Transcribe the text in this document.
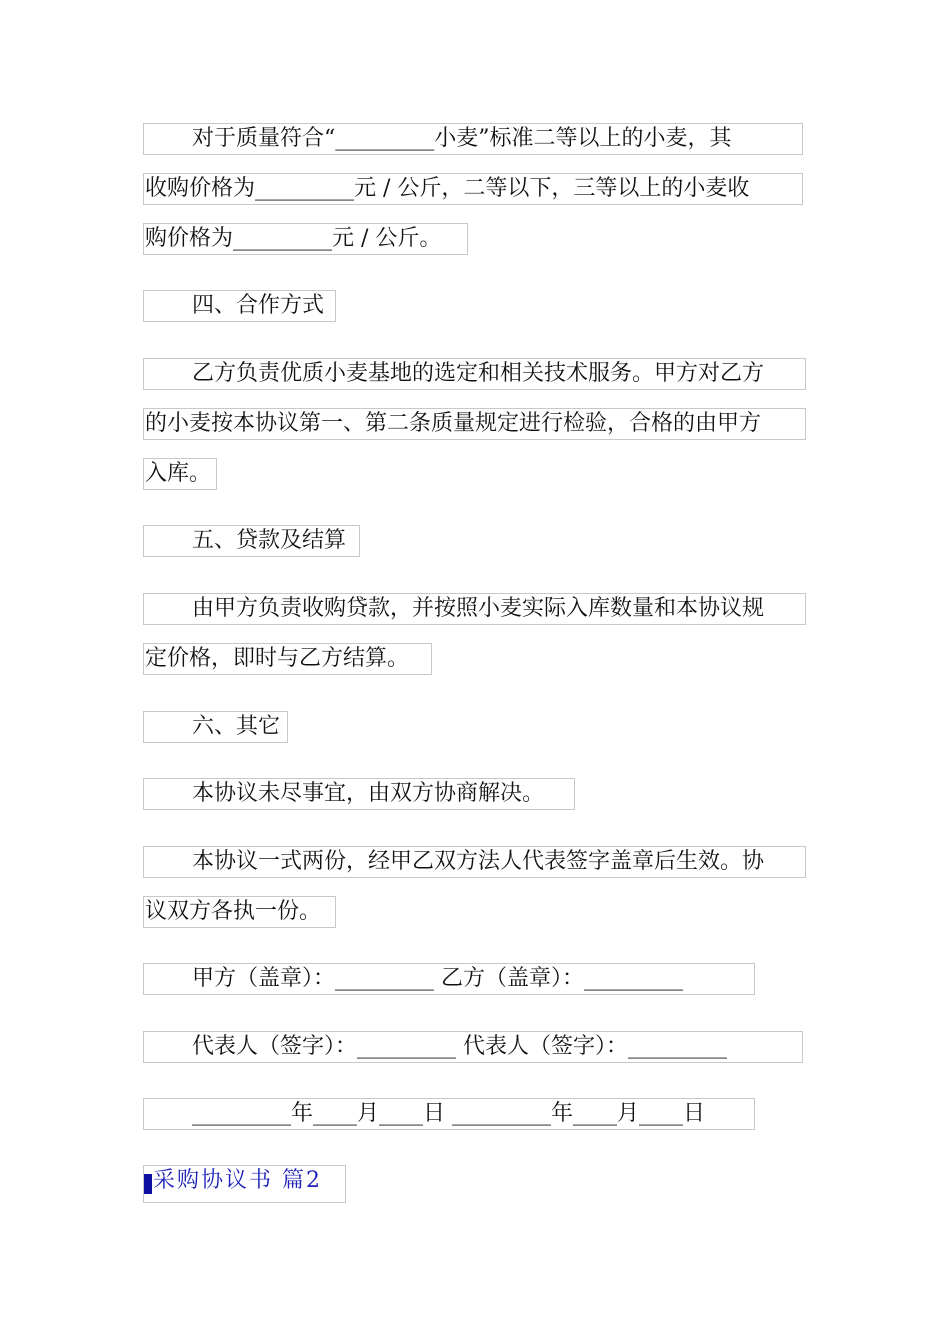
对于质量符合“_________小麦”标准二等以上的小麦，其
收购价格为_________元 / 公斤，二等以下，三等以上的小麦收
购价格为_________元 / 公斤。
四、合作方式
乙方负责优质小麦基地的选定和相关技术服务。甲方对乙方
的小麦按本协议第一、第二条质量规定进行检验，合格的由甲方
入库。
五、贷款及结算
由甲方负责收购贷款，并按照小麦实际入库数量和本协议规
定价格，即时与乙方结算。
六、其它
本协议未尽事宜，由双方协商解决。
本协议一式两份，经甲乙双方法人代表签字盖章后生效。协
议双方各执一份。
甲方（盖章）：_________ 乙方（盖章）：_________
代表人（签字）：_________ 代表人（签字）：_________
_________年____月____日 _________年____月____日
采购协议书 篇2
